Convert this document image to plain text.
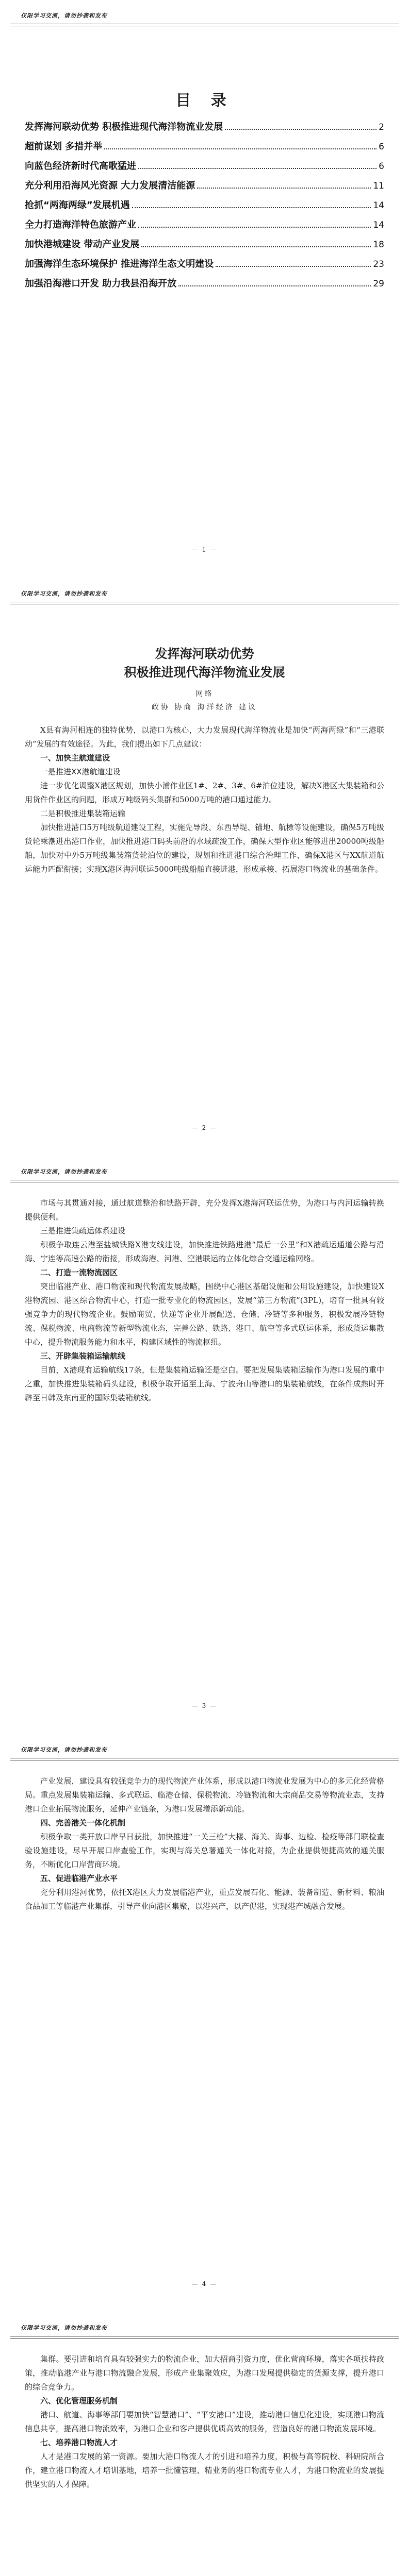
仅限学习交流，请勿抄袭和发布
目 录
发挥海河联动优势 积极推进现代海洋物流业发展	2
超前谋划 多措并举	6
向蓝色经济新时代高歌猛进	6
充分利用沿海风光资源 大力发展清洁能源	11
抢抓“两海两绿”发展机遇	14
全力打造海洋特色旅游产业	14
加快港城建设 带动产业发展	18
加强海洋生态环境保护 推进海洋生态文明建设	23
加强沿海港口开发 助力我县沿海开放	29
— 1 —
仅限学习交流，请勿抄袭和发布
发挥海河联动优势
积极推进现代海洋物流业发展
网络
政协 协商 海洋经济 建议

X县有海河相连的独特优势，以港口为核心，大力发展现代海洋物流业是加快“两海两绿”和“三港联动”发展的有效途径。为此，我们提出如下几点建议：

一、加快主航道建设

一是推进XX港航道建设

进一步优化调整X港区规划，加快小浦作业区1#、2#、3#、6#泊位建设，解决X港区大集装箱和公用货件作业区的问题，形成万吨级码头集群和5000万吨的港口通过能力。

二是积极推进集装箱运输

加快推进港口5万吨级航道建设工程，实施先导段、东西导堤、锚地、航標等设施建设，确保5万吨级货轮乘潮进出港口作业，加快推进港口码头前沿的水域疏浚工作，确保大型作业区能够进出20000吨级船舶，加快对中外5万吨级集装箱货轮泊位的建设，规划和推进港口综合治理工作，确保X港区与XX航道航运能力匹配衔接；实现X港区海河联运5000吨级船舶直接进港，形成承接、拓展港口物流业的基础条件。

— 2 —
仅限学习交流，请勿抄袭和发布

市场与其贯通对接，通过航道整治和铁路开辟，充分发挥X港海河联运优势，为港口与内河运输转换提供便利。

三是推进集疏运体系建设

积极争取连云港至盐城铁路X港支线建设，加快推进铁路进港“最后一公里”和X港疏运通道公路与沿海、宁连等高速公路的衔接，形成海港、河港、空港联运的立体化综合交通运输网络。

二、打造一流物流园区

突出临港产业、港口物流和现代物流发展战略，围绕中心港区基础设施和公用设施建设，加快建设X港物流园、港区综合物流中心，打造一批专业化的物流园区，发展“第三方物流”(3PL)，培育一批具有较强竞争力的现代物流企业。鼓励商贸、快递等企业开展配送、仓储、冷链等多种服务，积极发展冷链物流、保税物流、电商物流等新型物流业态，完善公路、铁路、港口、航空等多式联运体系，形成货运集散中心，提升物流服务能力和水平，构建区域性的物流枢纽。

三、开辟集装箱运输航线

目前，X港现有运输航线17条，但是集装箱运输还是空白。要把发展集装箱运输作为港口发展的重中之重，加快推进集装箱码头建设，积极争取开通至上海、宁波舟山等港口的集装箱航线，在条件成熟时开辟至日韩及东南亚的国际集装箱航线。

— 3 —
仅限学习交流，请勿抄袭和发布

产业发展，建设具有较强竞争力的现代物流产业体系，形成以港口物流业发展为中心的多元化经营格局。重点发展集装箱运输、多式联运、临港仓储、保税物流、冷链物流和大宗商品交易等物流业态，支持港口企业拓展物流服务，延伸产业链条，为港口发展增添新动能。

四、完善港关一体化机制

积极争取一类开放口岸早日获批，加快推进“一关三检”大楼、海关、海事、边检、检疫等部门联检查验设施建设，尽早开展口岸查验工作，实现与海关总署通关一体化对接，为企业提供便捷高效的通关服务，不断优化口岸营商环境。

五、促进临港产业水平

充分利用港河优势，依托X港区大力发展临港产业，重点发展石化、能源、装备制造、新材料、粮油食品加工等临港产业集群，引导产业向港区集聚，以港兴产，以产促港，实现港产城融合发展。

— 4 —
仅限学习交流，请勿抄袭和发布

集群。要引进和培育具有较强实力的物流企业，加大招商引资力度，优化营商环境，落实各项扶持政策，推动临港产业与港口物流融合发展，形成产业集聚效应，为港口发展提供稳定的货源支撑，提升港口的综合竞争力。

六、优化管理服务机制

港口、航道、海事等部门要加快“智慧港口”、“平安港口”建设，推动港口信息化建设，实现港口物流信息共享，提高港口物流效率，为港口企业和客户提供优质高效的服务，营造良好的港口物流发展环境。

七、培养港口物流人才

人才是港口发展的第一资源。要加大港口物流人才的引进和培养力度，积极与高等院校、科研院所合作，建立港口物流人才培训基地，培养一批懂管理、精业务的港口物流专业人才，为港口物流业的发展提供坚实的人才保障。
